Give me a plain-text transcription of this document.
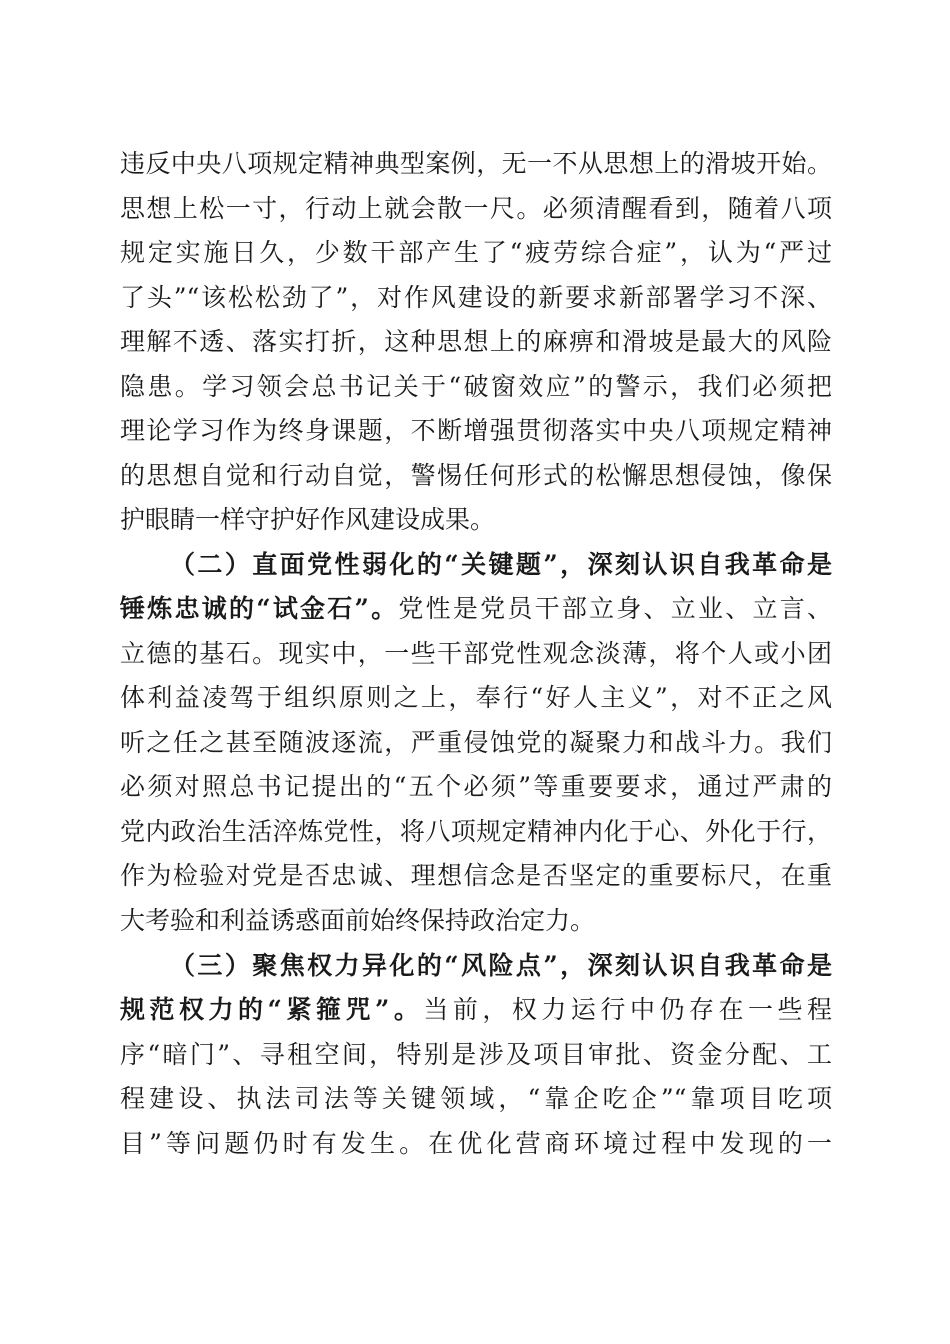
违反中央八项规定精神典型案例，无一不从思想上的滑坡开始。
思想上松一寸，行动上就会散一尺。必须清醒看到，随着八项
规定实施日久，少数干部产生了“疲劳综合症”，认为“严过
了头”“该松松劲了”，对作风建设的新要求新部署学习不深、
理解不透、落实打折，这种思想上的麻痹和滑坡是最大的风险
隐患。学习领会总书记关于“破窗效应”的警示，我们必须把
理论学习作为终身课题，不断增强贯彻落实中央八项规定精神
的思想自觉和行动自觉，警惕任何形式的松懈思想侵蚀，像保
护眼睛一样守护好作风建设成果。
（二）直面党性弱化的“关键题”，深刻认识自我革命是
锤炼忠诚的“试金石”。党性是党员干部立身、立业、立言、
立德的基石。现实中，一些干部党性观念淡薄，将个人或小团
体利益凌驾于组织原则之上，奉行“好人主义”，对不正之风
听之任之甚至随波逐流，严重侵蚀党的凝聚力和战斗力。我们
必须对照总书记提出的“五个必须”等重要要求，通过严肃的
党内政治生活淬炼党性，将八项规定精神内化于心、外化于行，
作为检验对党是否忠诚、理想信念是否坚定的重要标尺，在重
大考验和利益诱惑面前始终保持政治定力。
（三）聚焦权力异化的“风险点”，深刻认识自我革命是
规范权力的“紧箍咒”。当前，权力运行中仍存在一些程
序“暗门”、寻租空间，特别是涉及项目审批、资金分配、工
程建设、执法司法等关键领域，“靠企吃企”“靠项目吃项
目”等问题仍时有发生。在优化营商环境过程中发现的一
